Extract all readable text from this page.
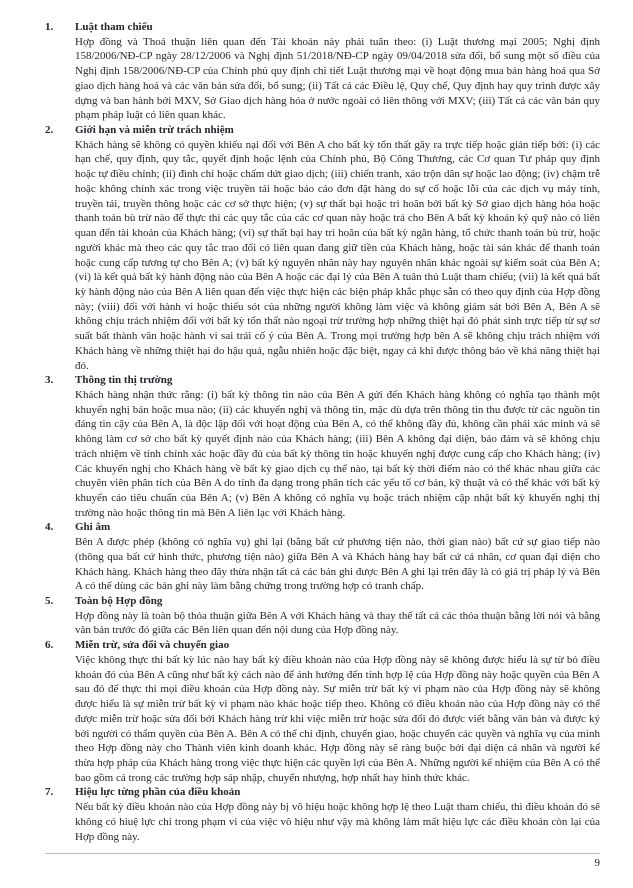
1.	Luật tham chiếu
Hợp đồng và Thoả thuận liên quan đến Tài khoản này phải tuân theo: (i) Luật thương mại 2005; Nghị định 158/2006/NĐ-CP ngày 28/12/2006 và Nghị định 51/2018/NĐ-CP ngày 09/04/2018 sửa đổi, bổ sung một số điều của Nghị định 158/2006/NĐ-CP của Chính phủ quy định chi tiết Luật thương mại về hoạt động mua bán hàng hoá qua Sở giao dịch hàng hoá và các văn bản sửa đổi, bổ sung; (ii) Tất cả các Điều lệ, Quy chế, Quy định hay quy trình được xây dựng và ban hành bởi MXV, Sở Giao dịch hàng hóa ở nước ngoài có liên thông với MXV; (iii) Tất cả các văn bản quy phạm pháp luật có liên quan khác.
2.	Giới hạn và miễn trừ trách nhiệm
Khách hàng sẽ không có quyền khiếu nại đối với Bên A cho bất kỳ tổn thất gây ra trực tiếp hoặc gián tiếp bởi: (i) các hạn chế, quy định, quy tắc, quyết định hoặc lệnh của Chính phủ, Bộ Công Thương, các Cơ quan Tư pháp quy định hoặc tự điều chỉnh; (ii) đình chỉ hoặc chấm dứt giao dịch; (iii) chiến tranh, xáo trộn dân sự hoặc lao động; (iv) chậm trễ hoặc không chính xác trong việc truyền tải hoặc báo cáo đơn đặt hàng do sự cố hoặc lỗi của các dịch vụ máy tính, truyền tải, truyền thông hoặc các cơ sở thực hiện; (v) sự thất bại hoặc trì hoãn bởi bất kỳ Sở giao dịch hàng hóa hoặc thanh toán bù trừ nào để thực thi các quy tắc của các cơ quan này hoặc trả cho Bên A bất kỳ khoản ký quỹ nào có liên quan đến tài khoản của Khách hàng; (vi) sự thất bại hay trì hoãn của bất kỳ ngân hàng, tổ chức thanh toán bù trừ, hoặc người khác mà theo các quy tắc trao đổi có liên quan đang giữ tiền của Khách hàng, hoặc tài sản khác để thanh toán hoặc cung cấp tương tự cho Bên A; (v) bất kỳ nguyên nhân này hay nguyên nhân khác ngoài sự kiểm soát của Bên A; (vi) là kết quả bất kỳ hành động nào của Bên A hoặc các đại lý của Bên A tuân thủ Luật tham chiếu; (vii) là kết quả bất kỳ hành động nào của Bên A liên quan đến việc thực hiện các biện pháp khắc phục sẵn có theo quy định của Hợp đồng này; (viii) đối với hành vi hoặc thiếu sót của những người không làm việc và không giám sát bởi Bên A, Bên A sẽ không chịu trách nhiệm đối với bất kỳ tổn thất nào ngoại trừ trường hợp những thiệt hại đó phát sinh trực tiếp từ sự sơ suất bất thành văn hoặc hành vi sai trái cố ý của Bên A. Trong mọi trường hợp bên A sẽ không chịu trách nhiệm với Khách hàng về những thiệt hại do hậu quả, ngẫu nhiên hoặc đặc biệt, ngay cả khi được thông báo về khả năng thiệt hại đó.
3.	Thông tin thị trường
Khách hàng nhận thức rằng: (i) bất kỳ thông tin nào của Bên A gửi đến Khách hàng không có nghĩa tạo thành một khuyến nghị bán hoặc mua nào; (ii) các khuyến nghị và thông tin, mặc dù dựa trên thông tin thu được từ các nguồn tin đáng tin cậy của Bên A, là độc lập đối với hoạt động của Bên A, có thể không đầy đủ, không cần phải xác minh và sẽ không làm cơ sở cho bất kỳ quyết định nào của Khách hàng; (iii) Bên A không đại diện, bảo đảm và sẽ không chịu trách nhiệm về tính chính xác hoặc đầy đủ của bất kỳ thông tin hoặc khuyến nghị được cung cấp cho Khách hàng; (iv) Các khuyến nghị cho Khách hàng về bất kỳ giao dịch cụ thể nào, tại bất kỳ thời điểm nào có thể khác nhau giữa các chuyên viên phân tích của Bên A do tính đa dạng trong phân tích các yếu tố cơ bản, kỹ thuật và có thể khác với bất kỳ khuyến cáo tiêu chuẩn của Bên A; (v) Bên A không có nghĩa vụ hoặc trách nhiệm cập nhật bất kỳ khuyến nghị thị trường nào hoặc thông tin mà Bên A liên lạc với Khách hàng.
4.	Ghi âm
Bên A được phép (không có nghĩa vụ) ghi lại (bằng bất cứ phương tiện nào, thời gian nào) bất cứ sự giao tiếp nào (thông qua bất cứ hình thức, phương tiện nào) giữa Bên A và Khách hàng hay bất cứ cá nhân, cơ quan đại diện cho Khách hàng. Khách hàng theo đây thừa nhận tất cả các bản ghi được Bên A ghi lại trên đây là có giá trị pháp lý và Bên A có thể dùng các bản ghi này làm bằng chứng trong trường hợp có tranh chấp.
5.	Toàn bộ Hợp đồng
Hợp đồng này là toàn bộ thỏa thuận giữa Bên A với Khách hàng và thay thế tất cả các thỏa thuận bằng lời nói và bằng văn bản trước đó giữa các Bên liên quan đến nội dung của Hợp đồng này.
6.	Miễn trừ, sửa đổi và chuyển giao
Việc không thực thi bất kỳ lúc nào hay bất kỳ điều khoản nào của Hợp đồng này sẽ không được hiểu là sự từ bỏ điều khoản đó của Bên A cũng như bất kỳ cách nào để ảnh hưởng đến tính hợp lệ của Hợp đồng này hoặc quyền của Bên A sau đó để thực thi mọi điều khoản của Hợp đồng này. Sự miễn trừ bất kỳ vi phạm nào của Hợp đồng này sẽ không được hiểu là sự miễn trừ bất kỳ vi phạm nào khác hoặc tiếp theo. Không có điều khoản nào của Hợp đồng này có thể được miễn trừ hoặc sửa đổi bởi Khách hàng trừ khi việc miễn trừ hoặc sửa đổi đó được viết bằng văn bản và được ký bởi người có thẩm quyền của Bên A. Bên A có thể chỉ định, chuyển giao, hoặc chuyển các quyền và nghĩa vụ của mình theo Hợp đồng này cho Thành viên kinh doanh khác. Hợp đồng này sẽ ràng buộc bởi đại diện cá nhân và người kế thừa hợp pháp của Khách hàng trong việc thực hiện các quyền lợi của Bên A. Những người kế nhiệm của Bên A có thể bao gồm cả trong các trường hợp sáp nhập, chuyển nhượng, hợp nhất hay hình thức khác.
7.	Hiệu lực từng phần của điều khoản
Nếu bất kỳ điều khoản nào của Hợp đồng này bị vô hiệu hoặc không hợp lệ theo Luật tham chiếu, thì điều khoản đó sẽ không có hiuệ lực chỉ trong phạm vi của việc vô hiệu như vậy mà không làm mất hiệu lực các điều khoản còn lại của Hợp đồng này.
9
